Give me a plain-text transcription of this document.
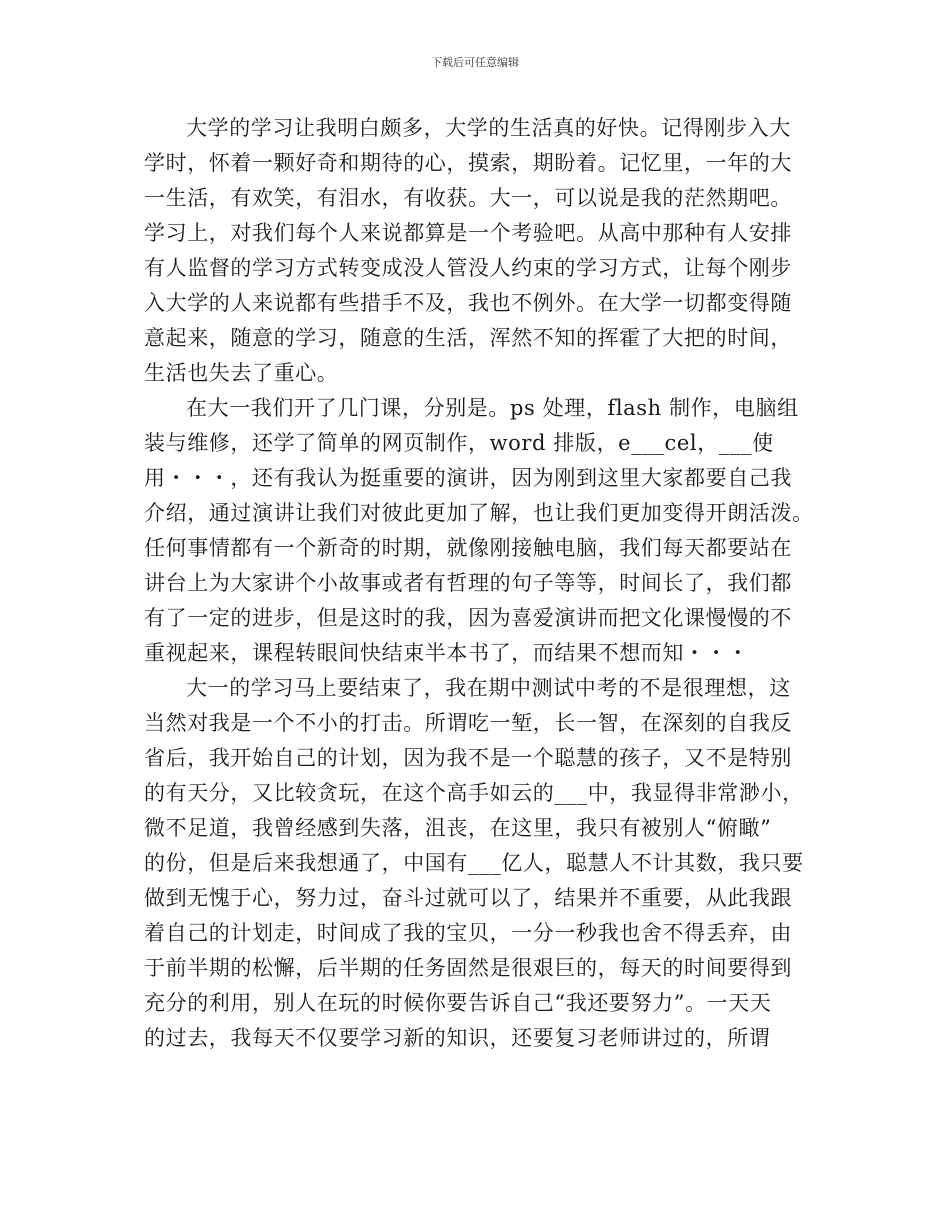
下载后可任意编辑
大学的学习让我明白颇多，大学的生活真的好快。记得刚步入大
学时，怀着一颗好奇和期待的心，摸索，期盼着。记忆里，一年的大
一生活，有欢笑，有泪水，有收获。大一，可以说是我的茫然期吧。
学习上，对我们每个人来说都算是一个考验吧。从高中那种有人安排
有人监督的学习方式转变成没人管没人约束的学习方式，让每个刚步
入大学的人来说都有些措手不及，我也不例外。在大学一切都变得随
意起来，随意的学习，随意的生活，浑然不知的挥霍了大把的时间，
生活也失去了重心。
在大一我们开了几门课，分别是。ps 处理，flash 制作，电脑组
装与维修，还学了简单的网页制作，word 排版，e___cel，___使
用・・・，还有我认为挺重要的演讲，因为刚到这里大家都要自己我
介绍，通过演讲让我们对彼此更加了解，也让我们更加变得开朗活泼。
任何事情都有一个新奇的时期，就像刚接触电脑，我们每天都要站在
讲台上为大家讲个小故事或者有哲理的句子等等，时间长了，我们都
有了一定的进步，但是这时的我，因为喜爱演讲而把文化课慢慢的不
重视起来，课程转眼间快结束半本书了，而结果不想而知・・・
大一的学习马上要结束了，我在期中测试中考的不是很理想，这
当然对我是一个不小的打击。所谓吃一堑，长一智，在深刻的自我反
省后，我开始自己的计划，因为我不是一个聪慧的孩子，又不是特别
的有天分，又比较贪玩，在这个高手如云的___中，我显得非常渺小，
微不足道，我曾经感到失落，沮丧，在这里，我只有被别人“俯瞰”
的份，但是后来我想通了，中国有___亿人，聪慧人不计其数，我只要
做到无愧于心，努力过，奋斗过就可以了，结果并不重要，从此我跟
着自己的计划走，时间成了我的宝贝，一分一秒我也舍不得丢弃，由
于前半期的松懈，后半期的任务固然是很艰巨的，每天的时间要得到
充分的利用，别人在玩的时候你要告诉自己“我还要努力”。一天天
的过去，我每天不仅要学习新的知识，还要复习老师讲过的，所谓
